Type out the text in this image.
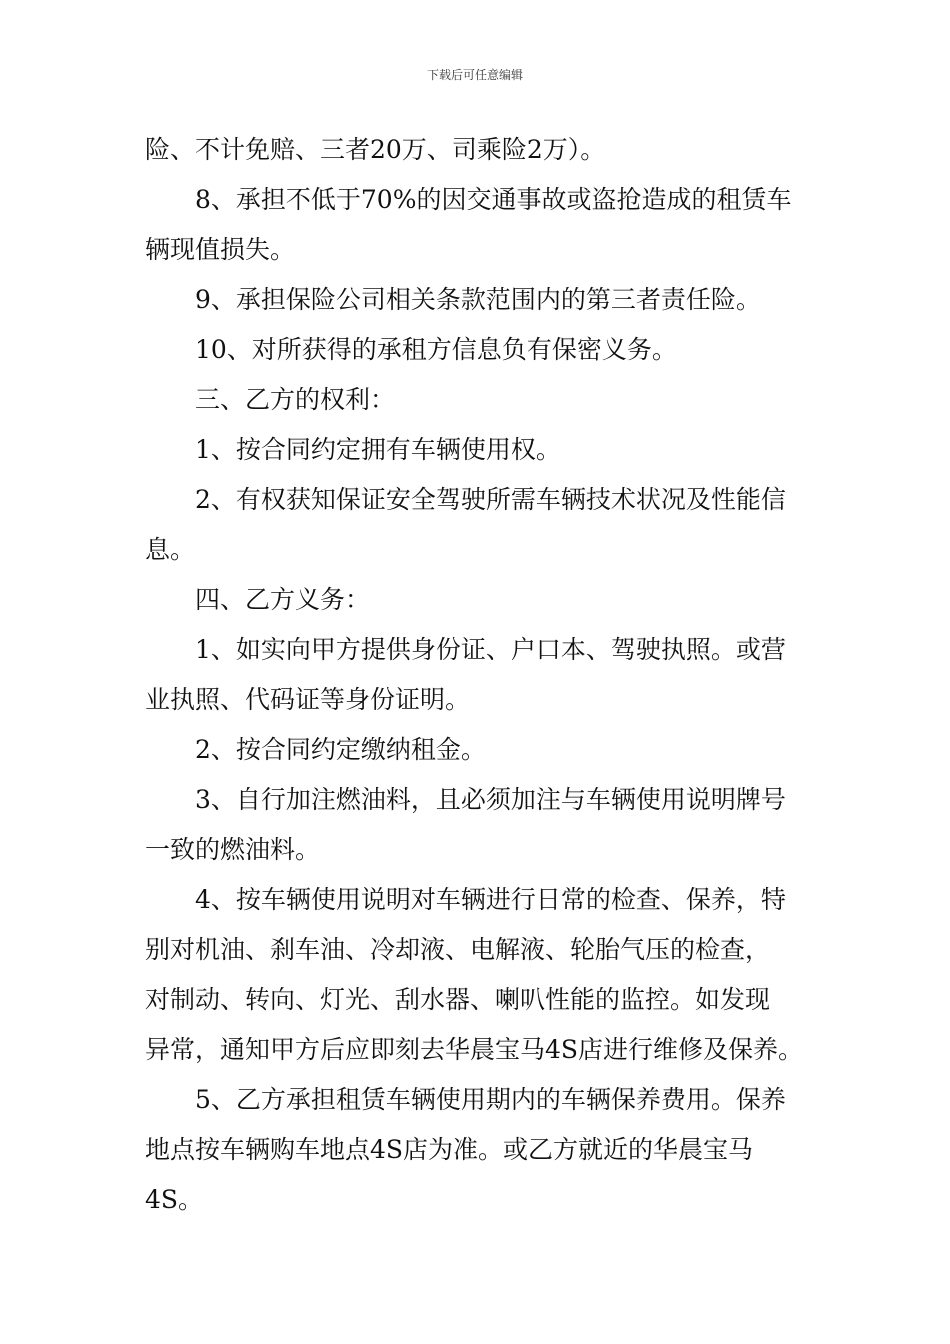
下载后可任意编辑
险、不计免赔、三者20万、司乘险2万）。
8、承担不低于70%的因交通事故或盗抢造成的租赁车
辆现值损失。
9、承担保险公司相关条款范围内的第三者责任险。
10、对所获得的承租方信息负有保密义务。
三、乙方的权利：
1、按合同约定拥有车辆使用权。
2、有权获知保证安全驾驶所需车辆技术状况及性能信
息。
四、乙方义务：
1、如实向甲方提供身份证、户口本、驾驶执照。或营
业执照、代码证等身份证明。
2、按合同约定缴纳租金。
3、自行加注燃油料，且必须加注与车辆使用说明牌号
一致的燃油料。
4、按车辆使用说明对车辆进行日常的检查、保养，特
别对机油、刹车油、冷却液、电解液、轮胎气压的检查，
对制动、转向、灯光、刮水器、喇叭性能的监控。如发现
异常，通知甲方后应即刻去华晨宝马4S店进行维修及保养。
5、乙方承担租赁车辆使用期内的车辆保养费用。保养
地点按车辆购车地点4S店为准。或乙方就近的华晨宝马
4S。
